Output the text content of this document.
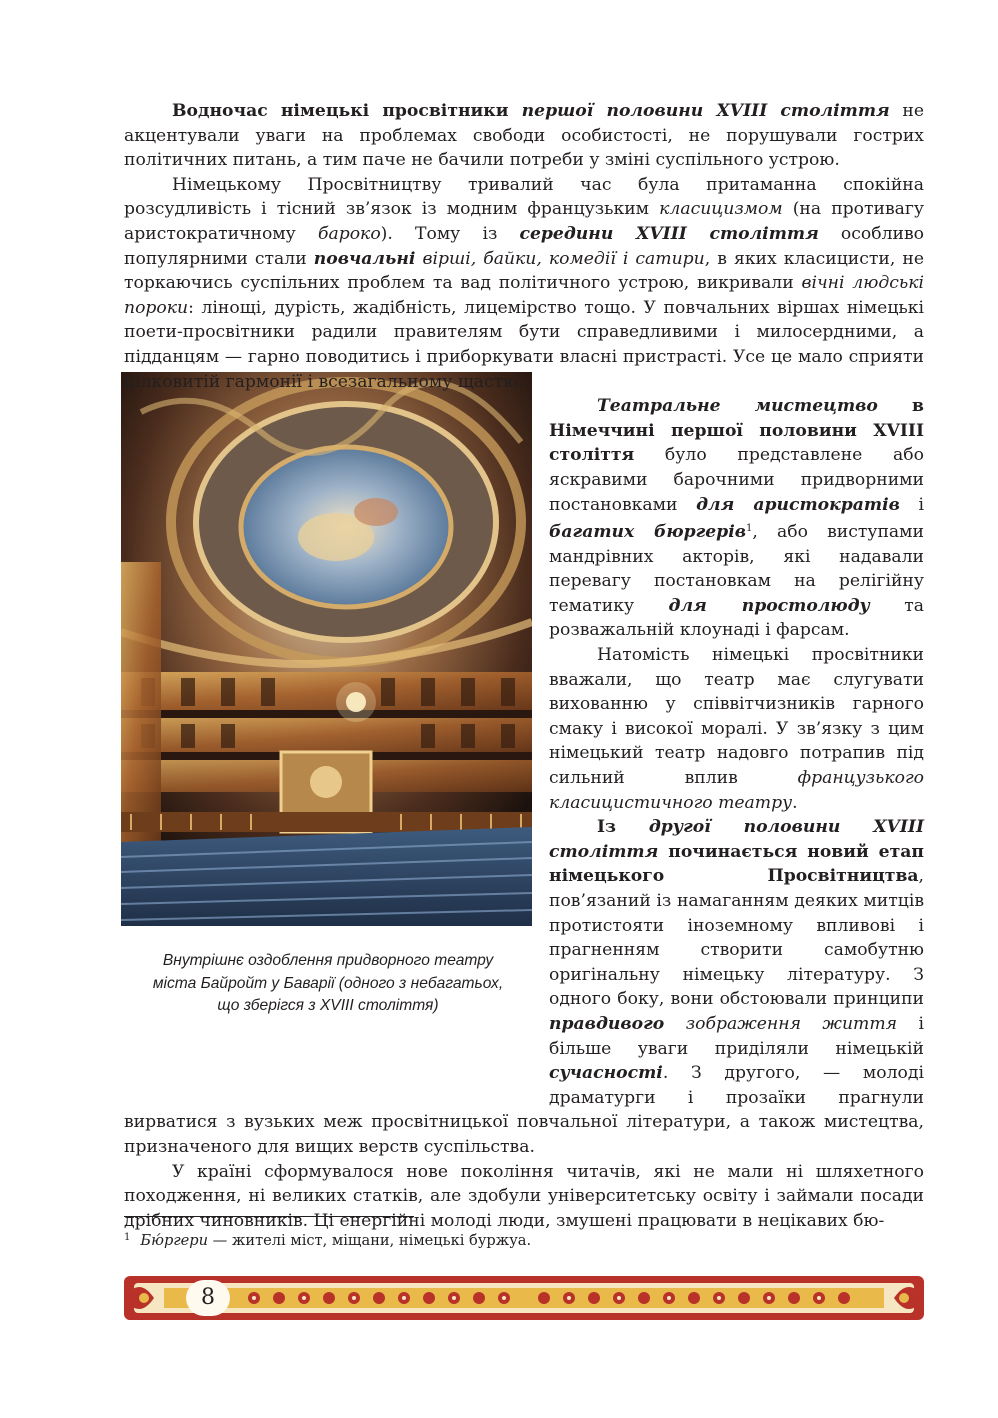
Внутрішнє оздоблення придворного театру міста Байройт у Баварії (одного з небагатьох, що зберігся з XVIII століття)

Водночас німецькі просвітники першої половини XVIII століття не акцентували уваги на проблемах свободи особистості, не порушували гострих політичних питань, а тим паче не бачили потреби у зміні суспільного устрою.

Німецькому Просвітництву тривалий час була притаманна спокійна розсудливість і тісний зв’язок із модним французьким класицизмом (на противагу аристократичному бароко). Тому із середини XVIII століття особливо популярними стали повчальні вірші, байки, комедії і сатири, в яких класицисти, не торкаючись суспільних проблем та вад політичного устрою, викривали вічні людські пороки: лінощі, дурість, жадібність, лицемірство тощо. У повчальних віршах німецькі поети-просвітники радили правителям бути справедливими і милосердними, а підданцям — гарно поводитись і приборкувати власні пристрасті. Усе це мало сприяти цілковитій гармонії і всезагальному щастю.

Театральне мистецтво в Німеччині першої половини XVIII століття було представлене або яскравими барочними придворними постановками для аристократів і багатих бюргерів$^1$, або виступами мандрівних акторів, які надавали перевагу постановкам на релігійну тематику для простолюду та розважальній клоунаді і фарсам.

Натомість німецькі просвітники вважали, що театр має слугувати вихованню у співвітчизників гарного смаку і високої моралі. У зв’язку з цим німецький театр надовго потрапив під сильний вплив французького класицистичного театру.

Із другої половини XVIII століття починається новий етап німецького Просвітництва, пов’язаний із намаганням деяких митців протистояти іноземному впливові і прагненням створити самобутню оригінальну німецьку літературу. З одного боку, вони обстоювали принципи правдивого зображення життя і більше уваги приділяли німецькій сучасності. З другого, — молоді драматурги і прозаїки прагнули вирватися з вузьких меж просвітницької повчальної літератури, а також мистецтва, призначеного для вищих верств суспільства.

У країні сформувалося нове покоління читачів, які не мали ні шляхетного походження, ні великих статків, але здобули університетську освіту і займали посади дрібних чиновників. Ці енергійні молоді люди, змушені працювати в нецікавих бю-

$^1$ Бю́ргери — жителі міст, міщани, німецькі буржуа.
8
